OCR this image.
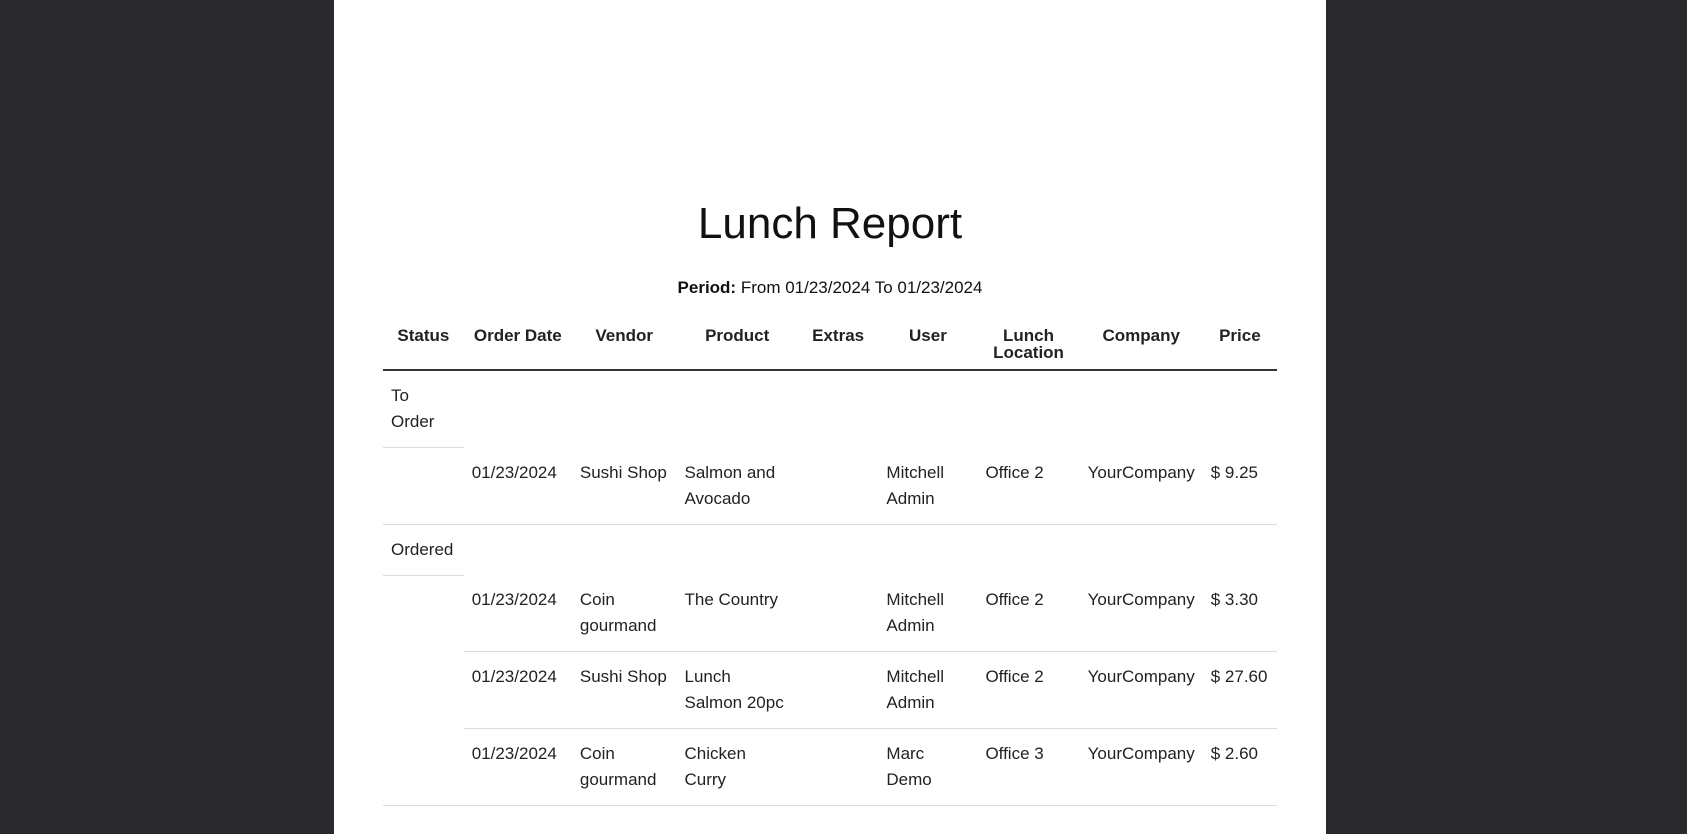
Lunch Report
Period: From 01/23/2024 To 01/23/2024
Status	Order Date	Vendor	Product	Extras	User	Lunch Location	Company	Price
To Order								
	01/23/2024	Sushi Shop	Salmon and Avocado		Mitchell Admin	Office 2	YourCompany	$ 9.25
Ordered								
	01/23/2024	Coin gourmand	The Country		Mitchell Admin	Office 2	YourCompany	$ 3.30
	01/23/2024	Sushi Shop	Lunch Salmon 20pc		Mitchell Admin	Office 2	YourCompany	$ 27.60
	01/23/2024	Coin gourmand	Chicken Curry		Marc Demo	Office 3	YourCompany	$ 2.60
